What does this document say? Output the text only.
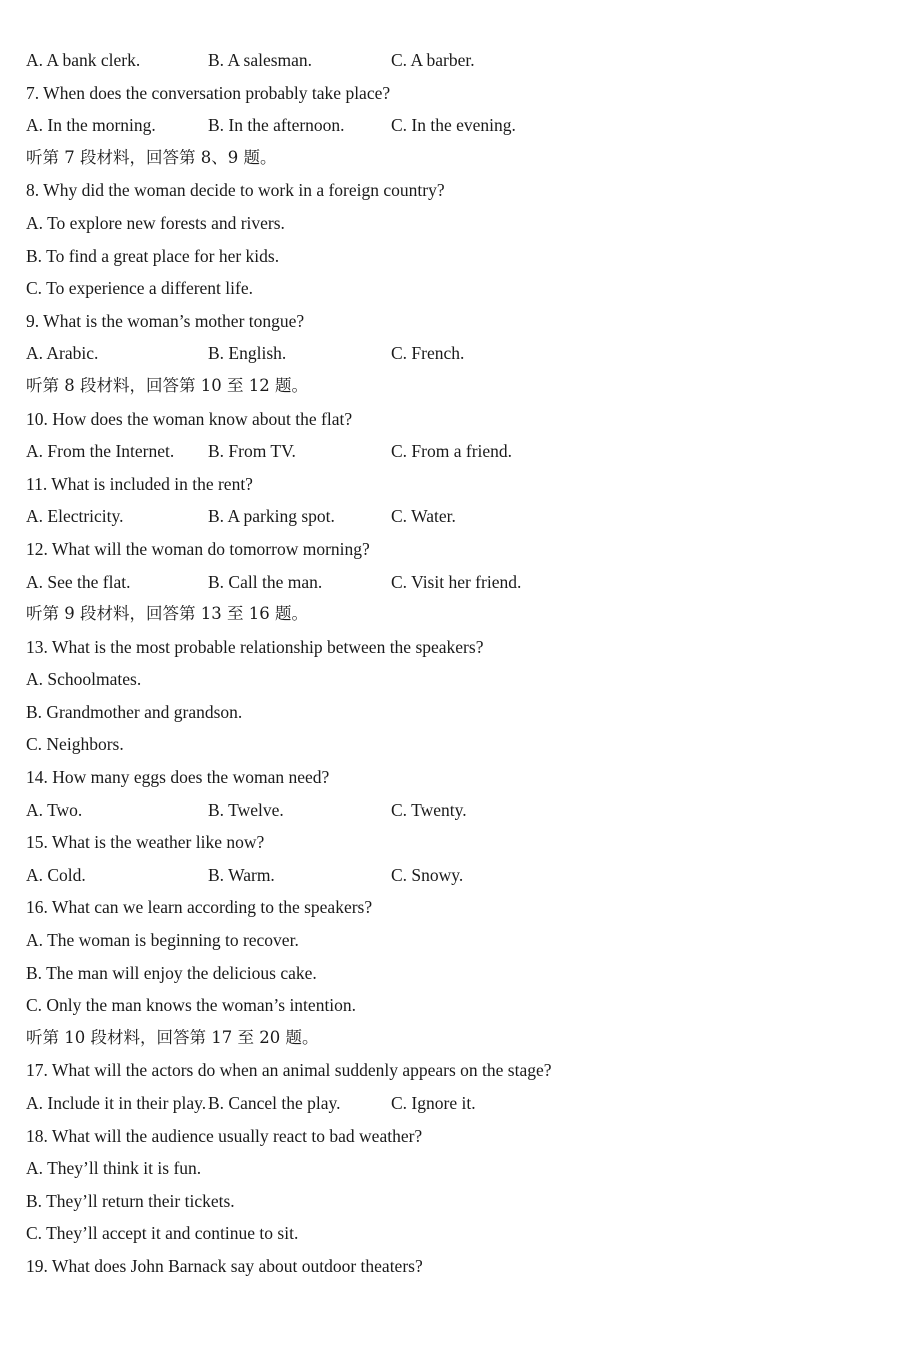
A. A bank clerk.	B. A salesman.	C. A barber.
7. When does the conversation probably take place?
A. In the morning.	B. In the afternoon.	C. In the evening.
听第 7 段材料，回答第 8、9 题。
8. Why did the woman decide to work in a foreign country?
A. To explore new forests and rivers.
B. To find a great place for her kids.
C. To experience a different life.
9. What is the woman’s mother tongue?
A. Arabic.	B. English.	C. French.
听第 8 段材料，回答第 10 至 12 题。
10. How does the woman know about the flat?
A. From the Internet. B. From TV.	C. From a friend.
11. What is included in the rent?
A. Electricity.	B. A parking spot.	C. Water.
12. What will the woman do tomorrow morning?
A. See the flat.	B. Call the man.	C. Visit her friend.
听第 9 段材料，回答第 13 至 16 题。
13. What is the most probable relationship between the speakers?
A. Schoolmates.
B. Grandmother and grandson.
C. Neighbors.
14. How many eggs does the woman need?
A. Two.	B. Twelve.	C. Twenty.
15. What is the weather like now?
A. Cold.	B. Warm.	C. Snowy.
16. What can we learn according to the speakers?
A. The woman is beginning to recover.
B. The man will enjoy the delicious cake.
C. Only the man knows the woman’s intention.
听第 10 段材料，回答第 17 至 20 题。
17. What will the actors do when an animal suddenly appears on the stage?
A. Include it in their play. B. Cancel the play.	C. Ignore it.
18. What will the audience usually react to bad weather?
A. They’ll think it is fun.
B. They’ll return their tickets.
C. They’ll accept it and continue to sit.
19. What does John Barnack say about outdoor theaters?
